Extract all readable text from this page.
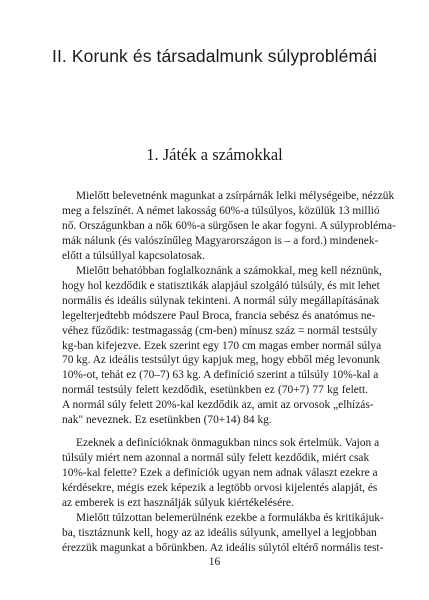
II. Korunk és társadalmunk súlyproblémái
1. Játék a számokkal
Mielőtt belevetnénk magunkat a zsírpárnák lelki mélységeibe, nézzük
meg a felszínét. A német lakosság 60%-a túlsúlyos, közülük 13 millió
nő. Országunkban a nők 60%-a sürgősen le akar fogyni. A súlyprobléma-
mák nálunk (és valószínűleg Magyarországon is – a ford.) mindenek-
előtt a túlsúllyal kapcsolatosak.
Mielőtt behatóbban foglalkoznánk a számokkal, meg kell néznünk,
hogy hol kezdődik e statisztikák alapjául szolgáló túlsúly, és mit lehet
normális és ideális súlynak tekinteni. A normál súly megállapításának
legelterjedtebb módszere Paul Broca, francia sebész és anatómus ne-
véhez fűződik: testmagasság (cm-ben) mínusz száz = normál testsúly
kg-ban kifejezve. Ezek szerint egy 170 cm magas ember normál súlya
70 kg. Az ideális testsúlyt úgy kapjuk meg, hogy ebből még levonunk
10%-ot, tehát ez (70–7) 63 kg. A definíció szerint a túlsúly 10%-kal a
normál testsúly felett kezdődik, esetünkben ez (70+7) 77 kg felett.
A normál súly felett 20%-kal kezdődik az, amit az orvosok „elhízás-
nak" neveznek. Ez esetünkben (70+14) 84 kg.
Ezeknek a definícióknak önmagukban nincs sok értelmük. Vajon a
túlsúly miért nem azonnal a normál súly felett kezdődik, miért csak
10%-kal felette? Ezek a definíciók ugyan nem adnak választ ezekre a
kérdésekre, mégis ezek képezik a legtöbb orvosi kijelentés alapját, és
az emberek is ezt használják súlyuk kiértékelésére.
Mielőtt túlzottan belemerülnénk ezekbe a formulákba és kritikájuk-
ba, tisztáznunk kell, hogy az az ideális súlyunk, amellyel a legjobban
érezzük magunkat a bőrünkben. Az ideális súlytól eltérő normális test-
16
